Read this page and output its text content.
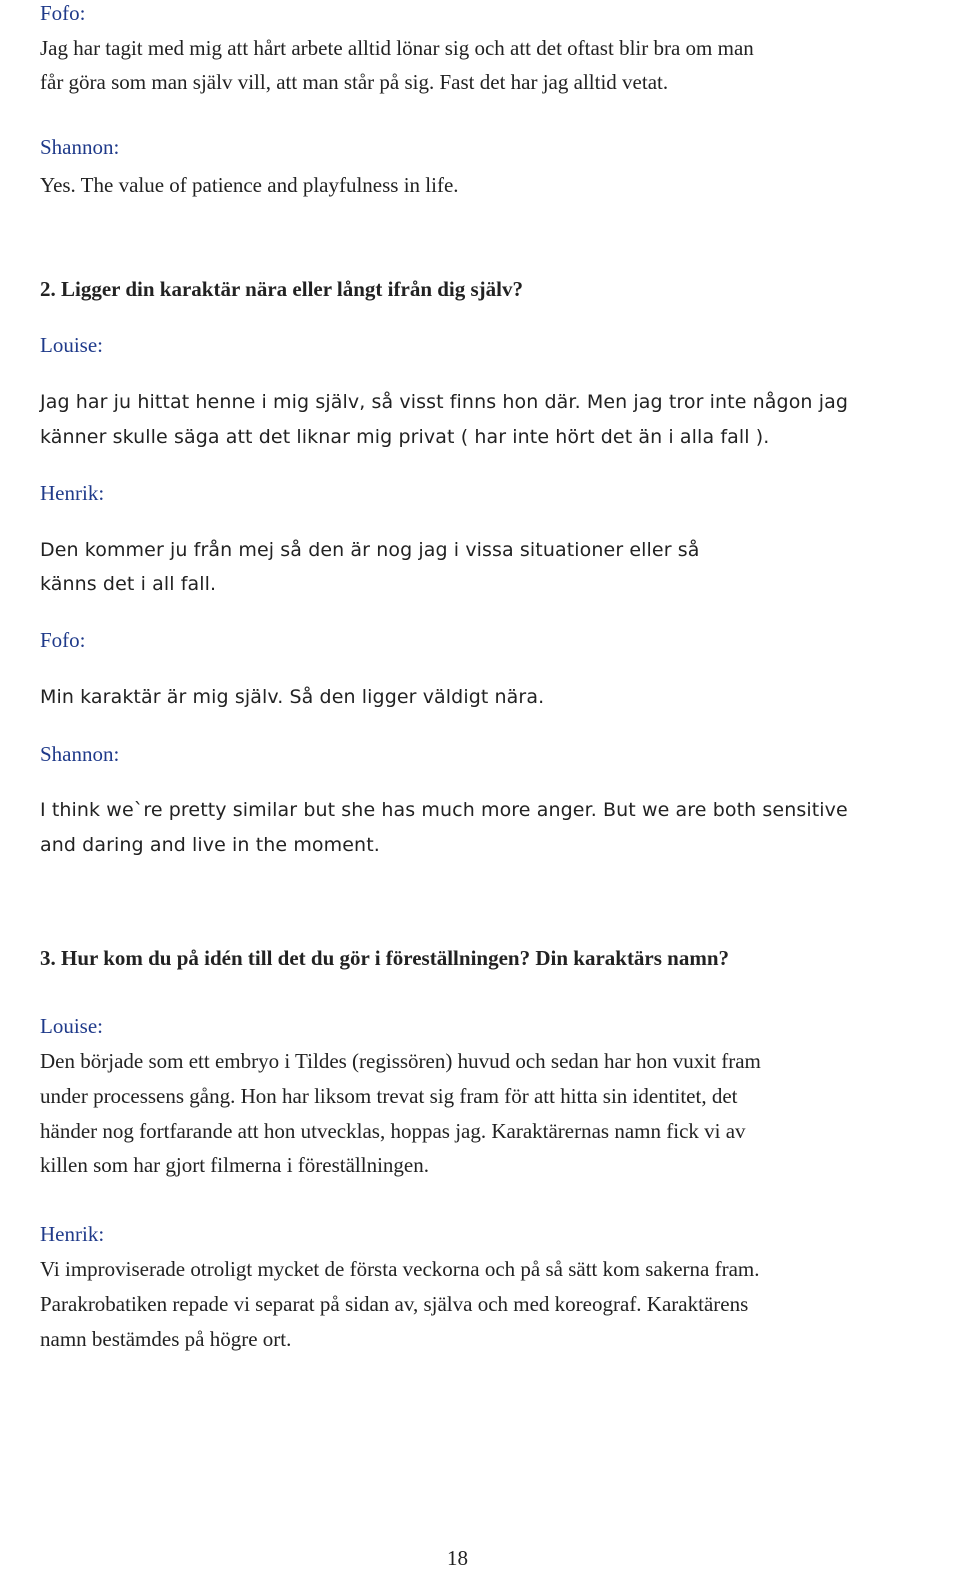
Fofo:
Jag har tagit med mig att hårt arbete alltid lönar sig och att det oftast blir bra om man
får göra som man själv vill, att man står på sig. Fast det har jag alltid vetat.
Shannon:
Yes. The value of patience and playfulness in life.
2. Ligger din karaktär nära eller långt ifrån dig själv?
Louise:
Jag har ju hittat henne i mig själv, så visst finns hon där. Men jag tror inte någon jag
känner skulle säga att det liknar mig privat ( har inte hört det än i alla fall ).
Henrik:
Den kommer ju från mej så den är nog jag i vissa situationer eller så
känns det i all fall.
Fofo:
Min karaktär är mig själv. Så den ligger väldigt nära.
Shannon:
I think we`re pretty similar but she has much more anger. But we are both sensitive
and daring and live in the moment.
3. Hur kom du på idén till det du gör i föreställningen? Din karaktärs namn?
Louise:
Den började som ett embryo i Tildes (regissören) huvud och sedan har hon vuxit fram
under processens gång. Hon har liksom trevat sig fram för att hitta sin identitet, det
händer nog fortfarande att hon utvecklas, hoppas jag. Karaktärernas namn fick vi av
killen som har gjort filmerna i föreställningen.
Henrik:
Vi improviserade otroligt mycket de första veckorna och på så sätt kom sakerna fram.
Parakrobatiken repade vi separat på sidan av, själva och med koreograf. Karaktärens
namn bestämdes på högre ort.
18
